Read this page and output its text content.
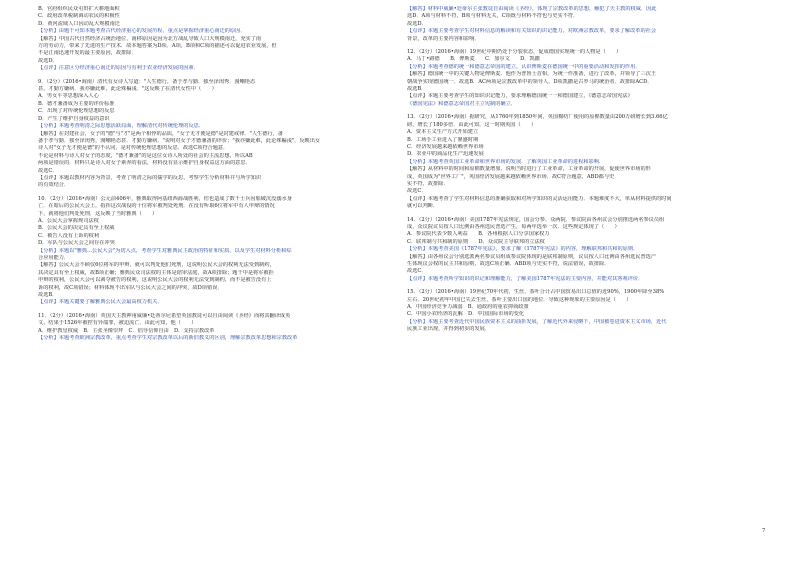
B．官府组织民众屯田扩大耕地面积
C．政府改革税制调动农民的积极性
D．黄河流域人口因动乱大规模南迁
【分析】由题干可知本题考查古代经济重心的发展历程，重点是掌握经济重心南迁的原因．
【解答】中国古代自然经济占统治地位，南移原因是因为北方战乱导致人口大规模南迁，充实了南
方的劳动力，带来了先进的生产技术．故本题答案为D项．A项，B项和C项的描述可以促进农业发展，但
不是江南迅速开发的最主要原因，故排除．
故选D．
【点评】注意区分经济重心南迁的原因与有利于农业经济发展的因素．
9．（2分）（2016•海南）清代有女诗人写道："人生德行，备于孝与勤．独至泽闺秀．漫嘲艳态
甚，才勤方嫌病．我亦嫌此难，此论殊褊浅．"这反映了在清代女性中（　　）
A．男女平等思想深入人心
B．德才兼备成为主要的评价标准
C．出现了对传统伦理思想的反思
D．产生了维护自身权益的意识
【分析】本题考查明清之际思想活跃局面，理解清代对传统伦理的反思．
【解答】在封建社会，女子的"德"与"才"是两个相悖的品质，"女子无才便是德"是封建戒律．"人生德行，备
备于孝与勤．独至泽闺秀，漫嘲艳态甚．才勤方嫌病．"说明对女子才德兼备的评价；"我亦嫌此难，此论殊褊浅"，反映出女
诗人对"女子无才便是德"的不认同，是对传统伦理思想的反思．故选C项符合题意．
不论是材料与诗人对女子的态度，"德才兼备"的是这位女诗人所处的社会的主流思想，所以AB
两项是错误的．材料只是诗人对女子素养的看法，材料没有显示维护自身权益这方面的意思．
故选C．
【点评】本题以教材内容为背景，考查了明清之际的儒学的反思，考察学生分析材料并与所学知识
的有效结合．
10．（2分）（2016•海南）公元前406年，雅典取得阿基纽西海战胜利，但也造成了数千士兵因船破沉没溺水身
亡．在暗后的公民大会上，指挥这次战役的十位将军被判处死刑．在没有听取6位将军中有人申辩的情况
下，就将他们判处死刑．这反映了当时雅典（　　）
A．公民大会掌握规司法权
B．公民大会的决定具有至上权威
C．被告人没有上诉的权利
D．军队与公民大会之间存在冲突
【分析】本题以"雅典...公民大会"为切入点，考查学生对雅典民主政治的特征和实质，以及学生对材料分析和综
合应用能力．
【解答】公民大会不顾仅6位将军的申辩，就可以判处他们死刑，这说明公民大会的权利无法受到制约，
其决定具有至上权威，故B项正确；雅典民众司法权的主体是陪审法庭，故A项排除；题干中是将军被拒
申辩的权利，公民大会可以剥夺被告的权利，这说明公民大会的权利无法受到制约，而不是被告没有上
诉的权利，故C项错误；材料体现不出军队与公民大会之间的冲突，故D项错误．
故选B．
【点评】本题关键要了解雅典公民大会最高权力机关．
11．（2分）（2016•海南）英国天主教神甫威廉•廷蒂尔尼希望英国教徒可以自由阅读《圣经》而将其翻译成英
文，结果于1526年被控有异端罪，被迫流亡．由此可知，他（　　）
A．维护教皇权威　B．主张圣像崇拜　C．倡导信仰自由　D．支持宗教改革
【分析】本题考查欧洲宗教改革，重点考查学生对宗教改革以后的新旧教义的区别，理解宗教改革思想和宗教改革
【解答】材料中威廉•廷蒂尔主张教徒自由阅读《圣经》，体现了宗教改革的思想，触犯了天主教的权威．因此
选D．A项与材料不符，B项与材料无关，C项既与材料不符也与史实不符．
故选D．
【点评】本题主要考查学生对材料信息的解读和有关知识的识记能力，对欧洲宗教改革，要求了解改革的社会
背景，改革的主要内容和影响．
12．（2分）（2016•海南）19世纪中期仍处于分裂状态，促成德国实现统一的人物是（　　）
A．马丁•路德　　B．俾斯麦　　C．加尔文　　D．凯撒
【分析】本题考查德的统一和德意志帝国的建立，认识俾斯麦在德国统一中的重要活动和发挥的作用．
【解答】德国统一中的关键人物是俾斯麦．他作为普鲁士首相，为统一作准备，进行了改革，并领导了三次王
朝战争实现德国统一．故选B．AC两项是宗教改革中的领导人，D项凯撒是古罗马的统治者．故排除ACD．
故选B．
【点评】本题主要考查学生的知识识记能力，要求理解德国统一一和德国建立，《德意志帝国宪法》
《德国宪法》和德意志帝国君主立宪制的确立．
13．（2分）（2016•海南）据研究，从1760年到1850年间，英国棉纺厂使用的原棉数量由200万磅增长到3.66亿
磅，增长了180多倍．由此可知，这一时期英国（　　）
A．资本主义生产方式开始建立
B．工场手工业进入了鼎盛时期
C．经济发展越来越依赖世界市场
D．农业中的商品化生产迅速发展
【分析】本题考查英国工业革命和世界市场的发展．了解英国工业革命的进程和影响．
【解答】从材料中的时间和原棉数量增加，说明当时进行了工业革命，工业革命的开展，促使世界市场的形
成，英国成为"世界工厂"，英国经济发展越来越依赖世界市场．故C符合题意，ABD都与史
实不符，故排除．
故选C．
【点评】本题考查了学生对材料信息的准确获取和对所学知识的灵活运用能力．本题难度不大，单从材料提供的时间
就可以判断．
14．（2分）（2016•海南）美国1787年宪法规定，国会分参、众两院．参议院由各州议会分别推选两名参议员组
成，众议院议员按人口比例由各州选民普选产生，每两年选举一次．这些规定体现了（　　）
A．参议院代表少数人利益　　B．各州根据人口分享国家权力
C．联邦制与共和制的原则　　D．众议院主导联邦的立法权
【分析】本题考查美国《1787年宪法》，要求了解《1787年宪法》的内容，理解联邦和共和的原则．
【解答】由各州议会分别选派两名参议员组成参议院体现的是联邦制原则，议员按人口比例由各州选民普选产
生体现议会权的民主共和原则，故选C项正确．ABD项与史实不符，说法错误，故排除．
故选C．
【点评】本题考查所学知识的识记和理解能力，了解美国1787年宪法的主要内容，并能对其客观评价．
15．（2分）（2016•海南）19世纪70年代初，生丝、茶叶合计占中国贸易出口总值的近90%，1900年降至38%
左右．20世纪初年中国已失去生丝、茶叶主要出口国的地位．导致这种现象的主要原因是（　　）
A．中国经济竞争力减弱　B．通政府的重农抑商政策
C．中国小农经济的瓦解　D．中国国际市场的变化
【分析】本题主要考查近代中国民族资本主义的曲折发展，了解近代外来侵略下，中国被卷进资本主义市场，近代
民族工业出现，并得到初步的发展．
7
